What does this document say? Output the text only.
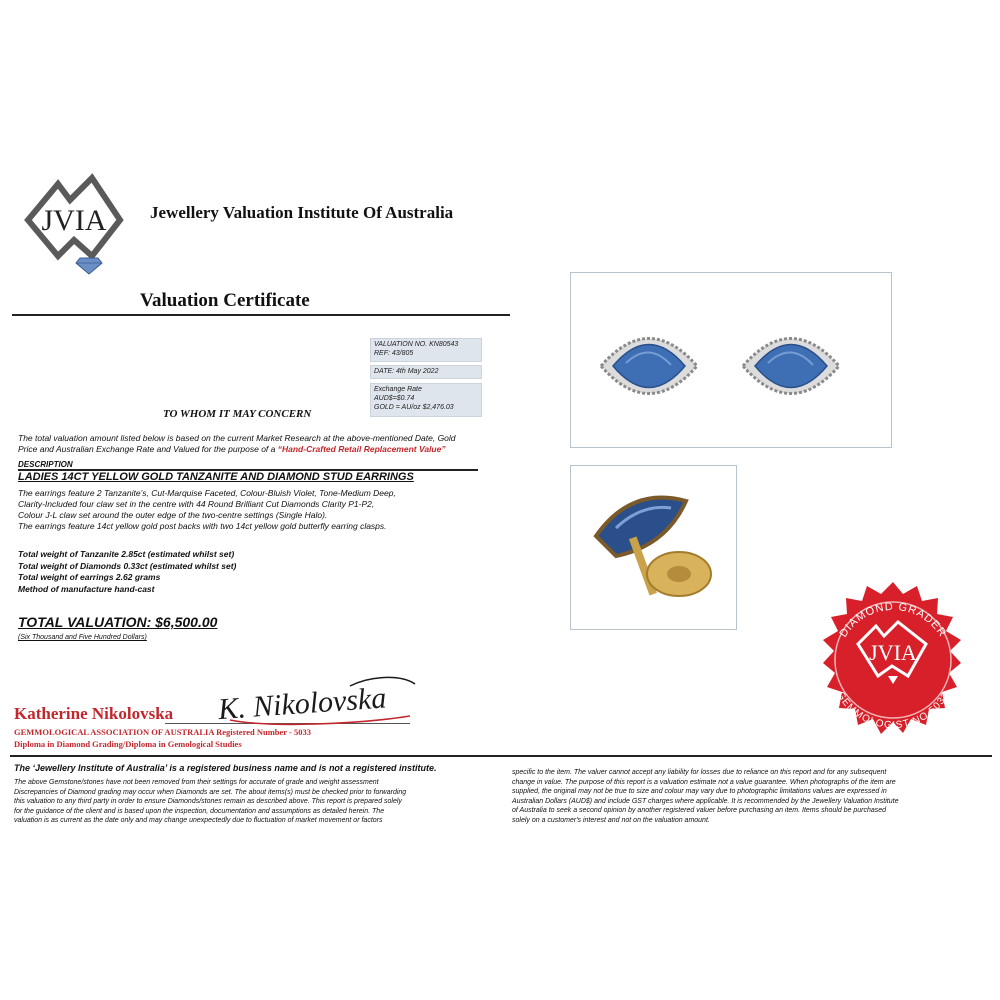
JVIA	Jewellery Valuation Institute Of Australia
Valuation Certificate
VALUATION NO. KN80543
REF: 43/805
DATE: 4th May 2022
Exchange Rate
AUD$=$0.74
GOLD = AU/oz $2,476.03
TO WHOM IT MAY CONCERN
The total valuation amount listed below is based on the current Market Research at the above-mentioned Date, Gold
Price and Australian Exchange Rate and Valued for the purpose of a “Hand-Crafted Retail Replacement Value”
DESCRIPTION
LADIES 14CT YELLOW GOLD TANZANITE AND DIAMOND STUD EARRINGS
The earrings feature 2 Tanzanite’s, Cut-Marquise Faceted, Colour-Bluish Violet, Tone-Medium Deep,
Clarity-Included four claw set in the centre with 44 Round Brilliant Cut Diamonds Clarity P1-P2,
Colour J-L claw set around the outer edge of the two-centre settings (Single Halo).
The earrings feature 14ct yellow gold post backs with two 14ct yellow gold butterfly earring clasps.
Total weight of Tanzanite 2.85ct (estimated whilst set)
Total weight of Diamonds 0.33ct (estimated whilst set)
Total weight of earrings 2.62 grams
Method of manufacture hand-cast
TOTAL VALUATION: $6,500.00
(Six Thousand and Five Hundred Dollars)
Katherine Nikolovska K. Nikolovska
GEMMOLOGICAL ASSOCIATION OF AUSTRALIA Registered Number - 5033
Diploma in Diamond Grading/Diploma in Gemological Studies
DIAMOND GRADER
JVIA
GEMMOLOGIST NO 5033
The ‘Jewellery Institute of Australia’ is a registered business name and is not a registered institute.
The above Gemstone/stones have not been removed from their settings for accurate of grade and weight assessment
Discrepancies of Diamond grading may occur when Diamonds are set. The about items(s) must be checked prior to forwarding
this valuation to any third party in order to ensure Diamonds/stones remain as described above. This report is prepared solely
for the guidance of the client and is based upon the inspection, documentation and assumptions as detailed herein. The
valuation is as current as the date only and may change unexpectedly due to fluctuation of market movement or factors
specific to the item. The valuer cannot accept any liability for losses due to reliance on this report and for any subsequent
change in value. The purpose of this report is a valuation estimate not a value guarantee. When photographs of the item are
supplied, the original may not be true to size and colour may vary due to photographic limitations values are expressed in
Australian Dollars (AUD$) and include GST charges where applicable. It is recommended by the Jewellery Valuation Institute
of Australia to seek a second opinion by another registered valuer before purchasing an item. Items should be purchased
solely on a customer's interest and not on the valuation amount.
